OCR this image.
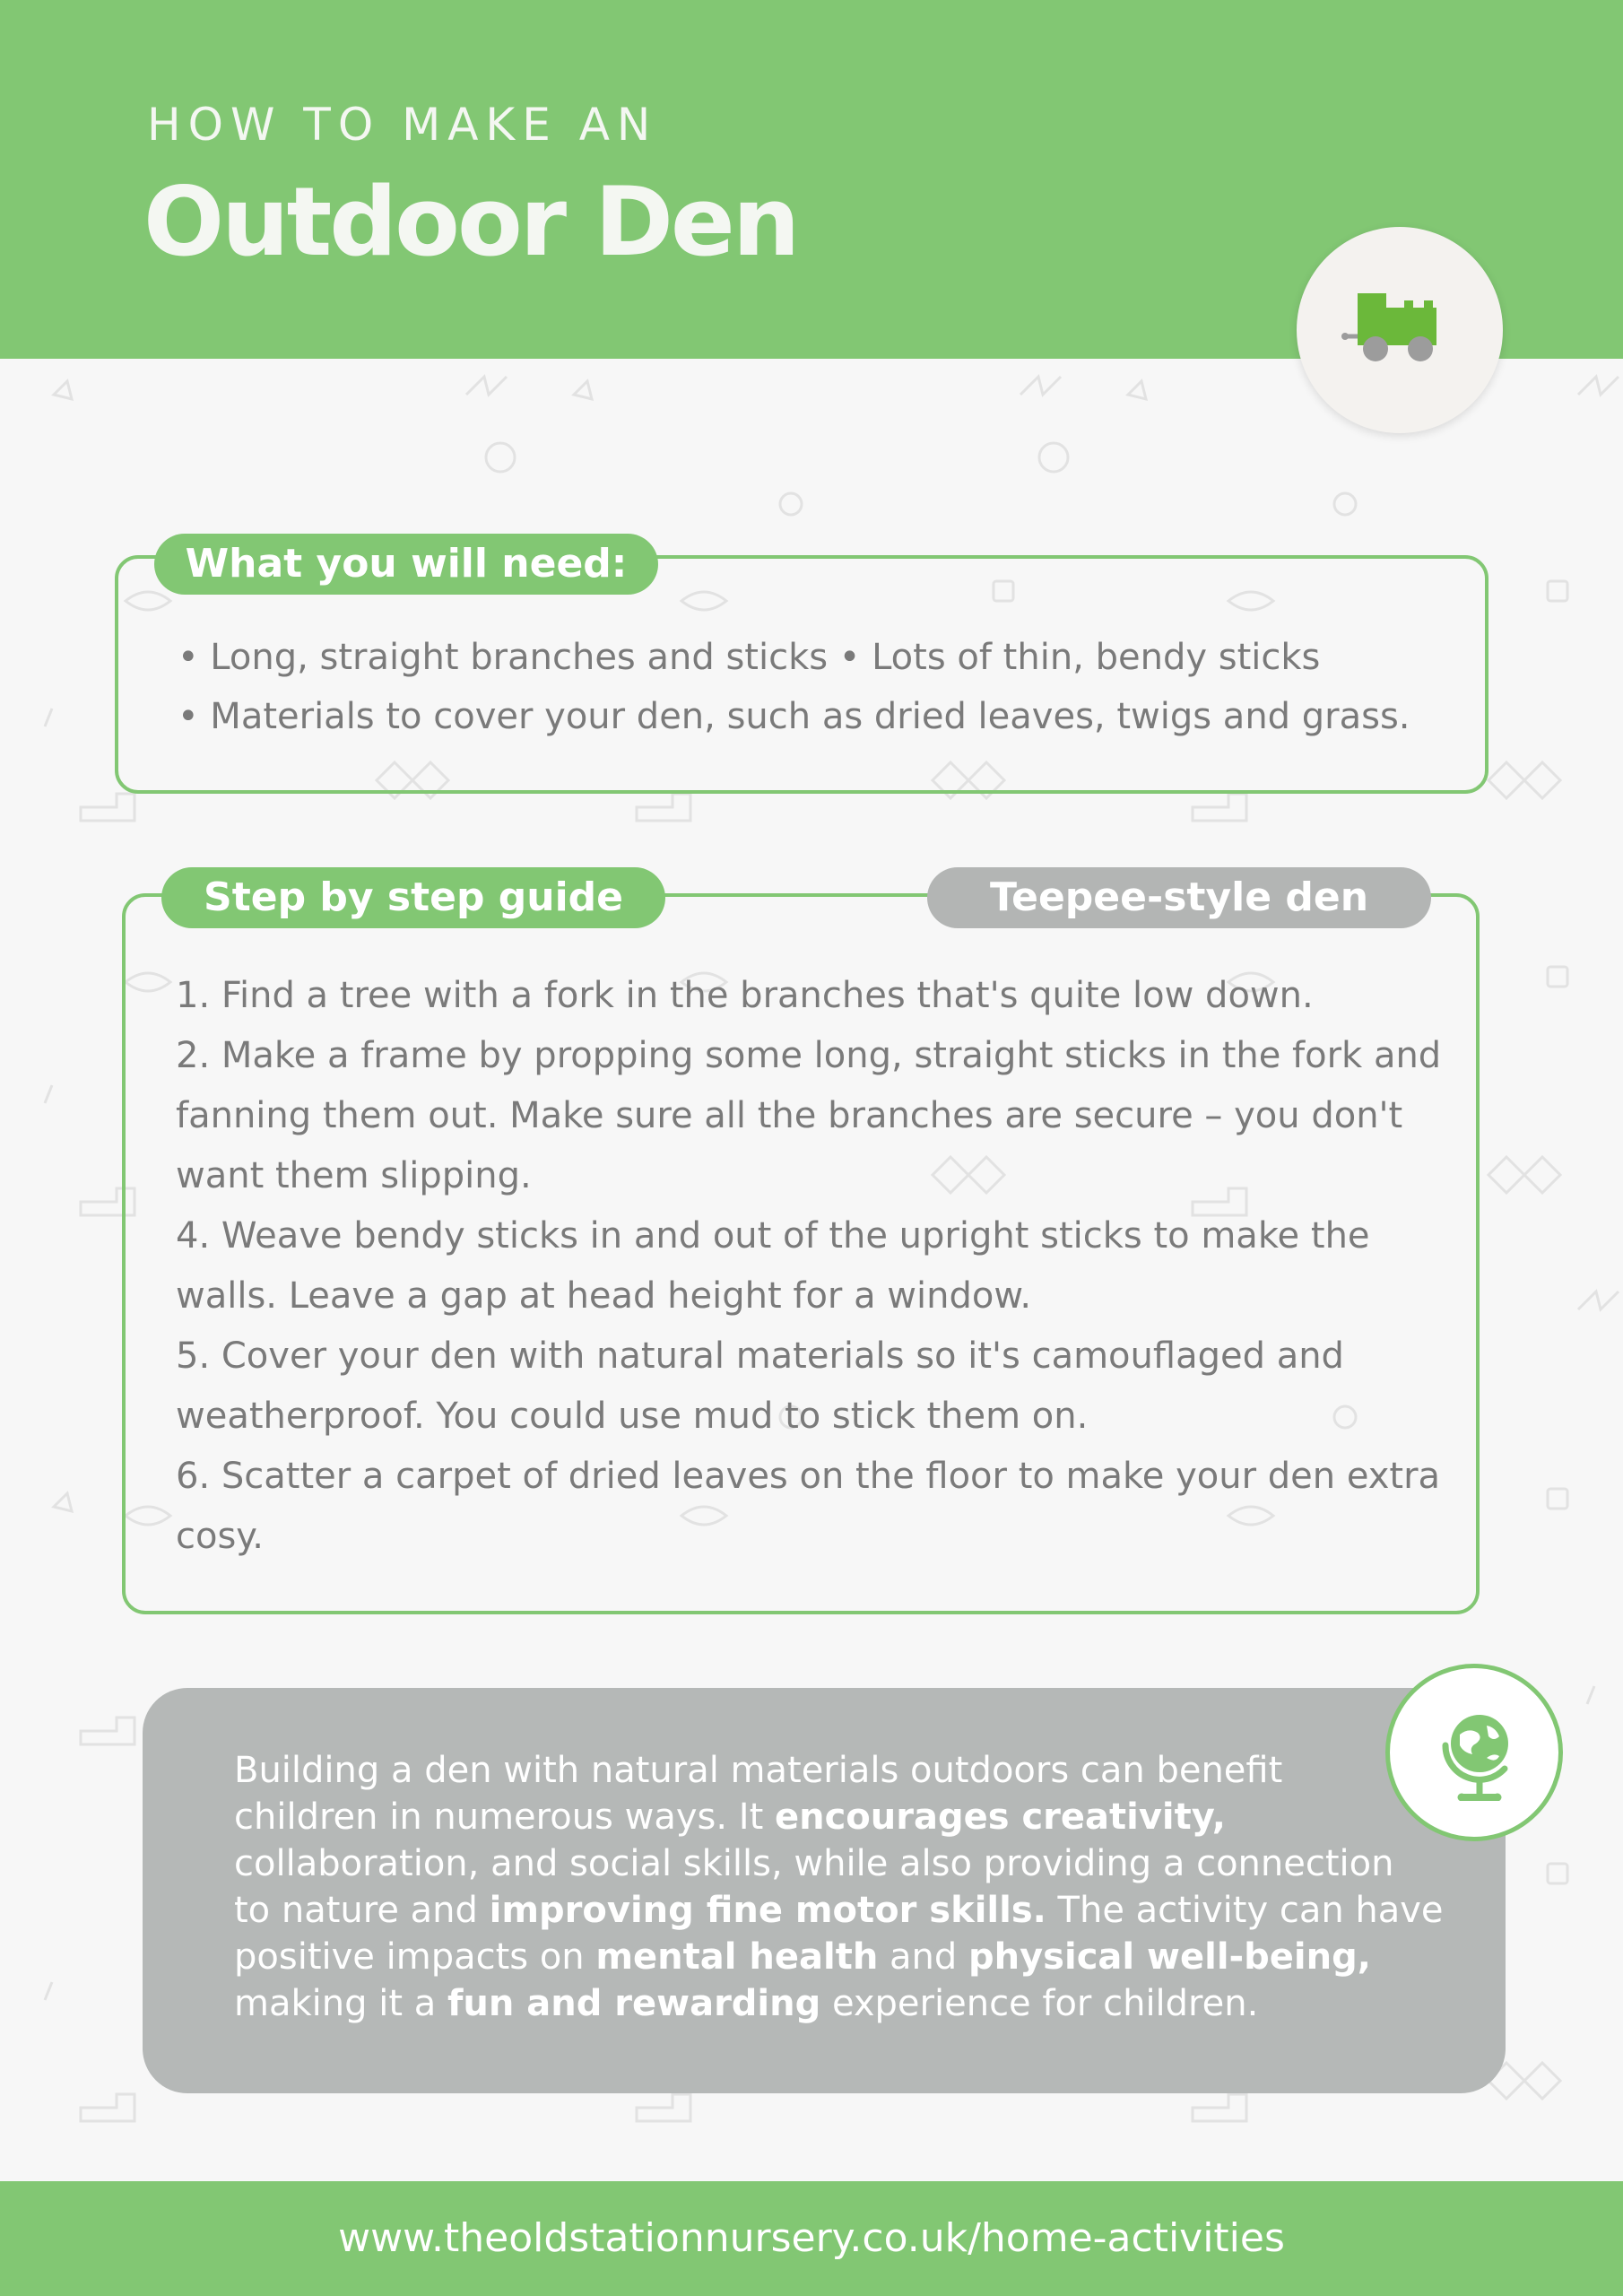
HOW TO MAKE AN
Outdoor Den
What you will need:
• Long, straight branches and sticks • Lots of thin, bendy sticks
• Materials to cover your den, such as dried leaves, twigs and grass.
Step by step guide	Teepee-style den

1. Find a tree with a fork in the branches that's quite low down.

2. Make a frame by propping some long, straight sticks in the fork and fanning them out. Make sure all the branches are secure – you don't want them slipping.

4. Weave bendy sticks in and out of the upright sticks to make the walls. Leave a gap at head height for a window.

5. Cover your den with natural materials so it's camouflaged and weatherproof. You could use mud to stick them on.

6. Scatter a carpet of dried leaves on the floor to make your den extra cosy.

Building a den with natural materials outdoors can benefit
children in numerous ways. It encourages creativity,
collaboration, and social skills, while also providing a connection
to nature and improving fine motor skills. The activity can have
positive impacts on mental health and physical well-being,
making it a fun and rewarding experience for children.
www.theoldstationnursery.co.uk/home-activities
